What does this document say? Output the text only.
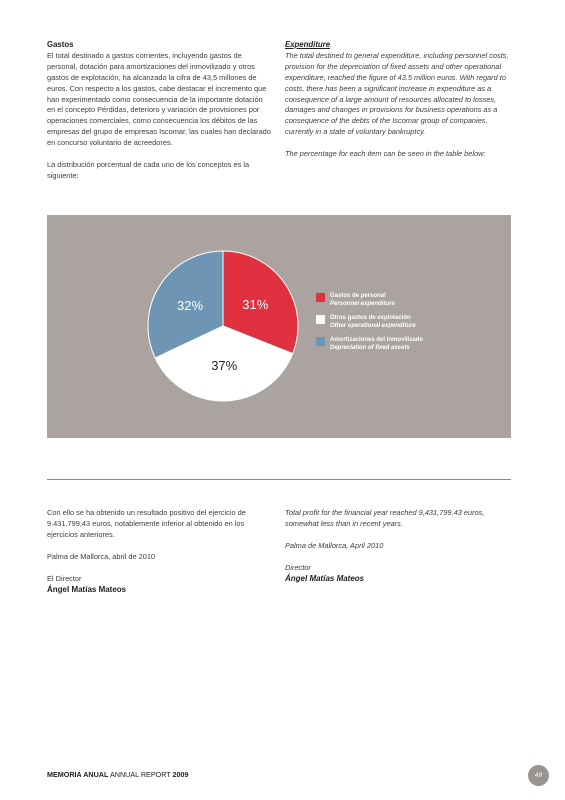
Gastos

El total destinado a gastos corrientes, incluyendo gastos de personal, dotación para amortizaciones del inmovilizado y otros gastos de explotación, ha alcanzado la cifra de 43,5 millones de euros. Con respecto a los gastos, cabe destacar el incremento que han experimentado como consecuencia de la importante dotación en el concepto Pérdidas, deterioro y variación de provisiones por operaciones comerciales, como consecuencia los débitos de las empresas del grupo de empresas Iscomar, las cuales han declarado en concurso voluntario de acreedores.

La distribución porcentual de cada uno de los conceptos es la siguiente:

Expenditure

The total destined to general expenditure, including personnel costs, provision for the depreciation of fixed assets and other operational expenditure, reached the figure of 43.5 million euros. With regard to costs, there has been a significant increase in expenditure as a consequence of a large amount of resources allocated to losses, damages and changes in provisions for business operations as a consequence of the debts of the Iscomar group of companies, currently in a state of voluntary bankruptcy.

The percentage for each item can be seen in the table below:

31%
37%
32%
Gastos de personal
Personnel expenditure
Otros gastos de explotación
Other operational expenditure
Amortizaciones del inmovilizado
Depreciation of fixed assets

Con ello se ha obtenido un resultado positivo del ejercicio de 9.431.799,43 euros, notablemente inferior al obtenido en los ejercicios anteriores.

Palma de Mallorca, abril de 2010

El Director

Ángel Matías Mateos

Total profit for the financial year reached 9,431,799.43 euros, somewhat less than in recent years.

Palma de Mallorca, April 2010

Director

Ángel Matías Mateos

MEMORIA ANUAL ANNUAL REPORT 2009	49
